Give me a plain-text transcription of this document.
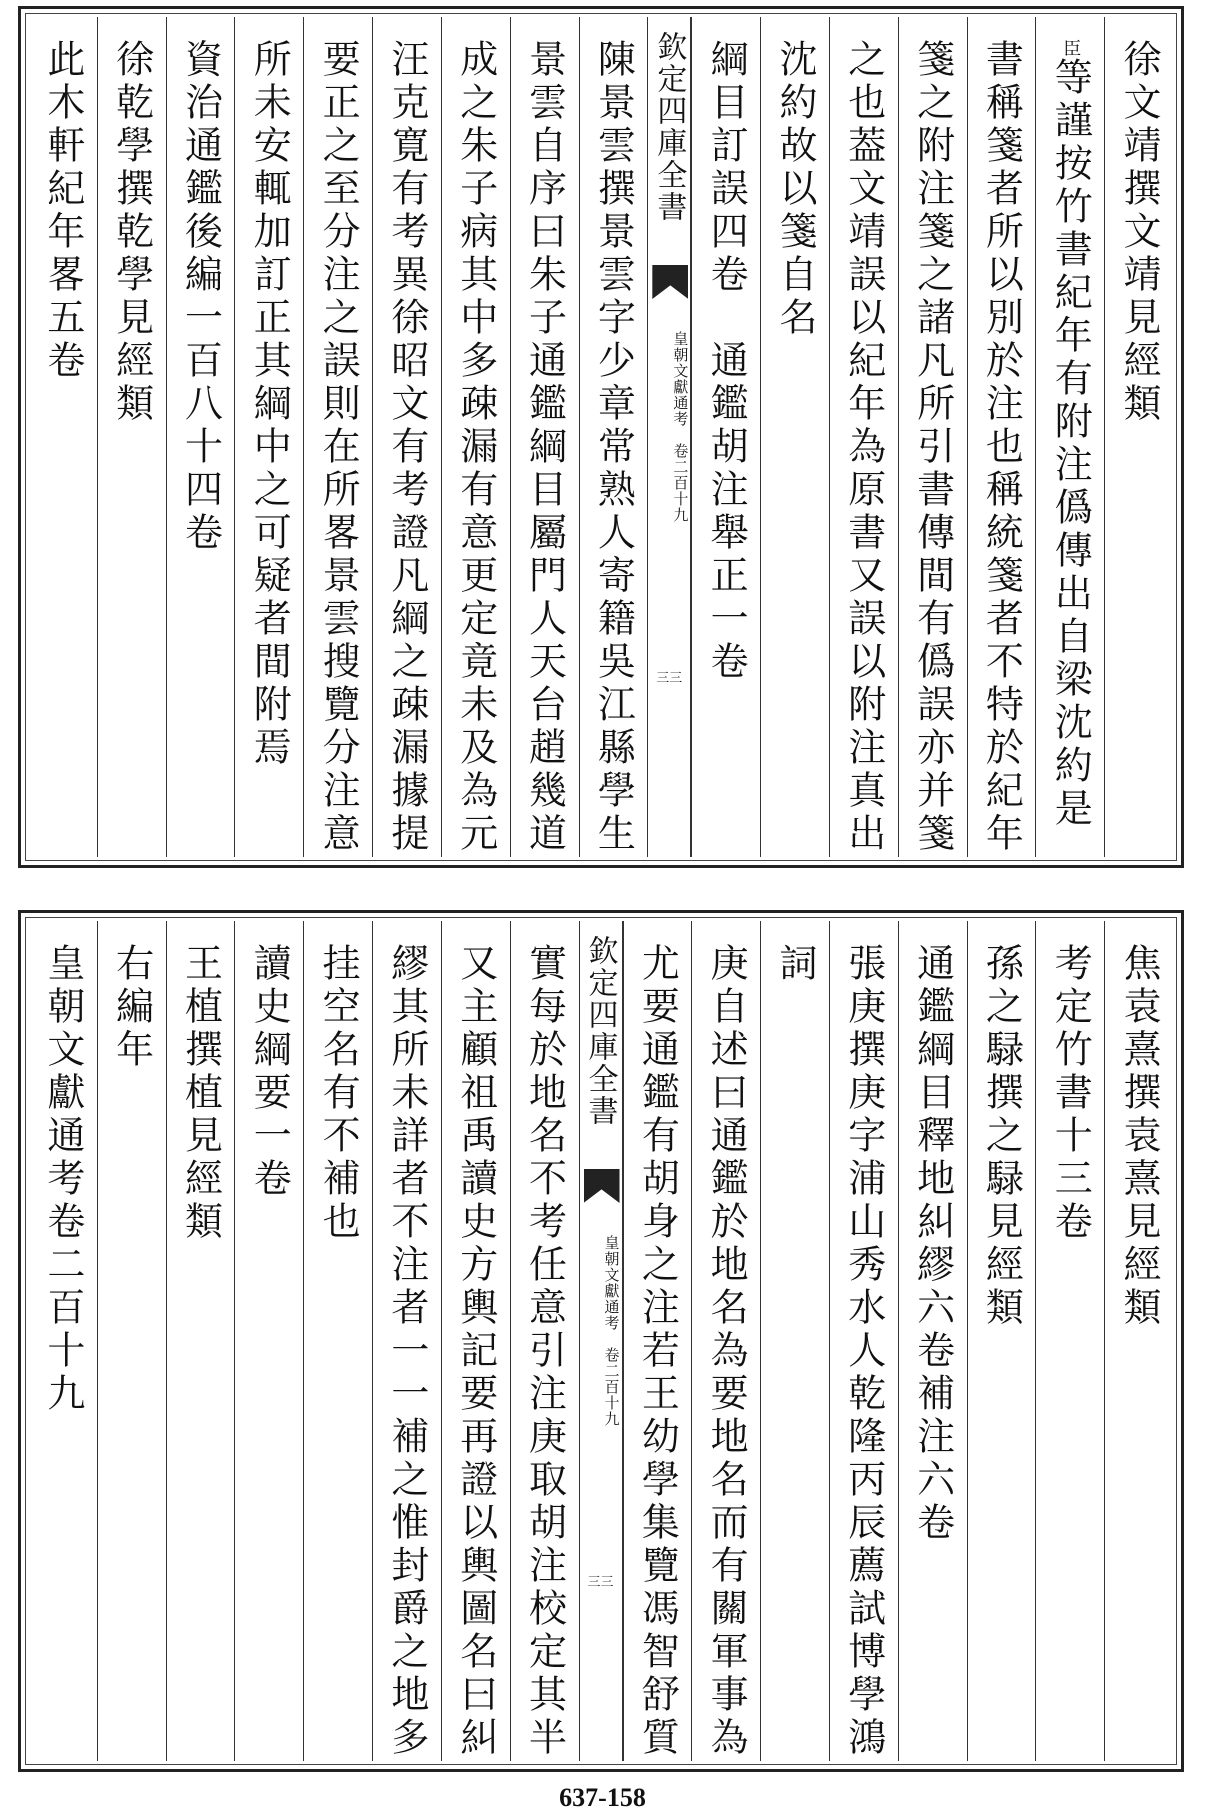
徐文靖撰文靖見經類
臣等謹按竹書紀年有附注僞傳出自梁沈約是
書稱箋者所以別於注也稱統箋者不特於紀年
箋之附注箋之諸凡所引書傳間有僞誤亦并箋
之也葢文靖誤以紀年為原書又誤以附注真出
沈約故以箋自名
綱目訂誤四卷　通鑑胡注舉正一卷
欽定四庫全書
皇朝文獻通考　卷二百十九
三三
陳景雲撰景雲字少章常熟人寄籍吳江縣學生
景雲自序曰朱子通鑑綱目屬門人天台趙幾道
成之朱子病其中多疎漏有意更定竟未及為元
汪克寛有考異徐昭文有考證凡綱之疎漏據提
要正之至分注之誤則在所畧景雲搜覽分注意
所未安輒加訂正其綱中之可疑者間附焉
資治通鑑後編一百八十四卷
徐乾學撰乾學見經類
此木軒紀年畧五卷
焦袁熹撰袁熹見經類
考定竹書十三卷
孫之騄撰之騄見經類
通鑑綱目釋地糾繆六卷補注六卷
張庚撰庚字浦山秀水人乾隆丙辰薦試博學鴻
詞
庚自述曰通鑑於地名為要地名而有關軍事為
尤要通鑑有胡身之注若王幼學集覽馮智舒質
欽定四庫全書
皇朝文獻通考　卷二百十九
三三
實每於地名不考任意引注庚取胡注校定其半
又主顧祖禹讀史方輿記要再證以輿圖名曰糾
繆其所未詳者不注者一一補之惟封爵之地多
挂空名有不補也
讀史綱要一卷
王植撰植見經類
右編年
皇朝文獻通考卷二百十九
637-158
